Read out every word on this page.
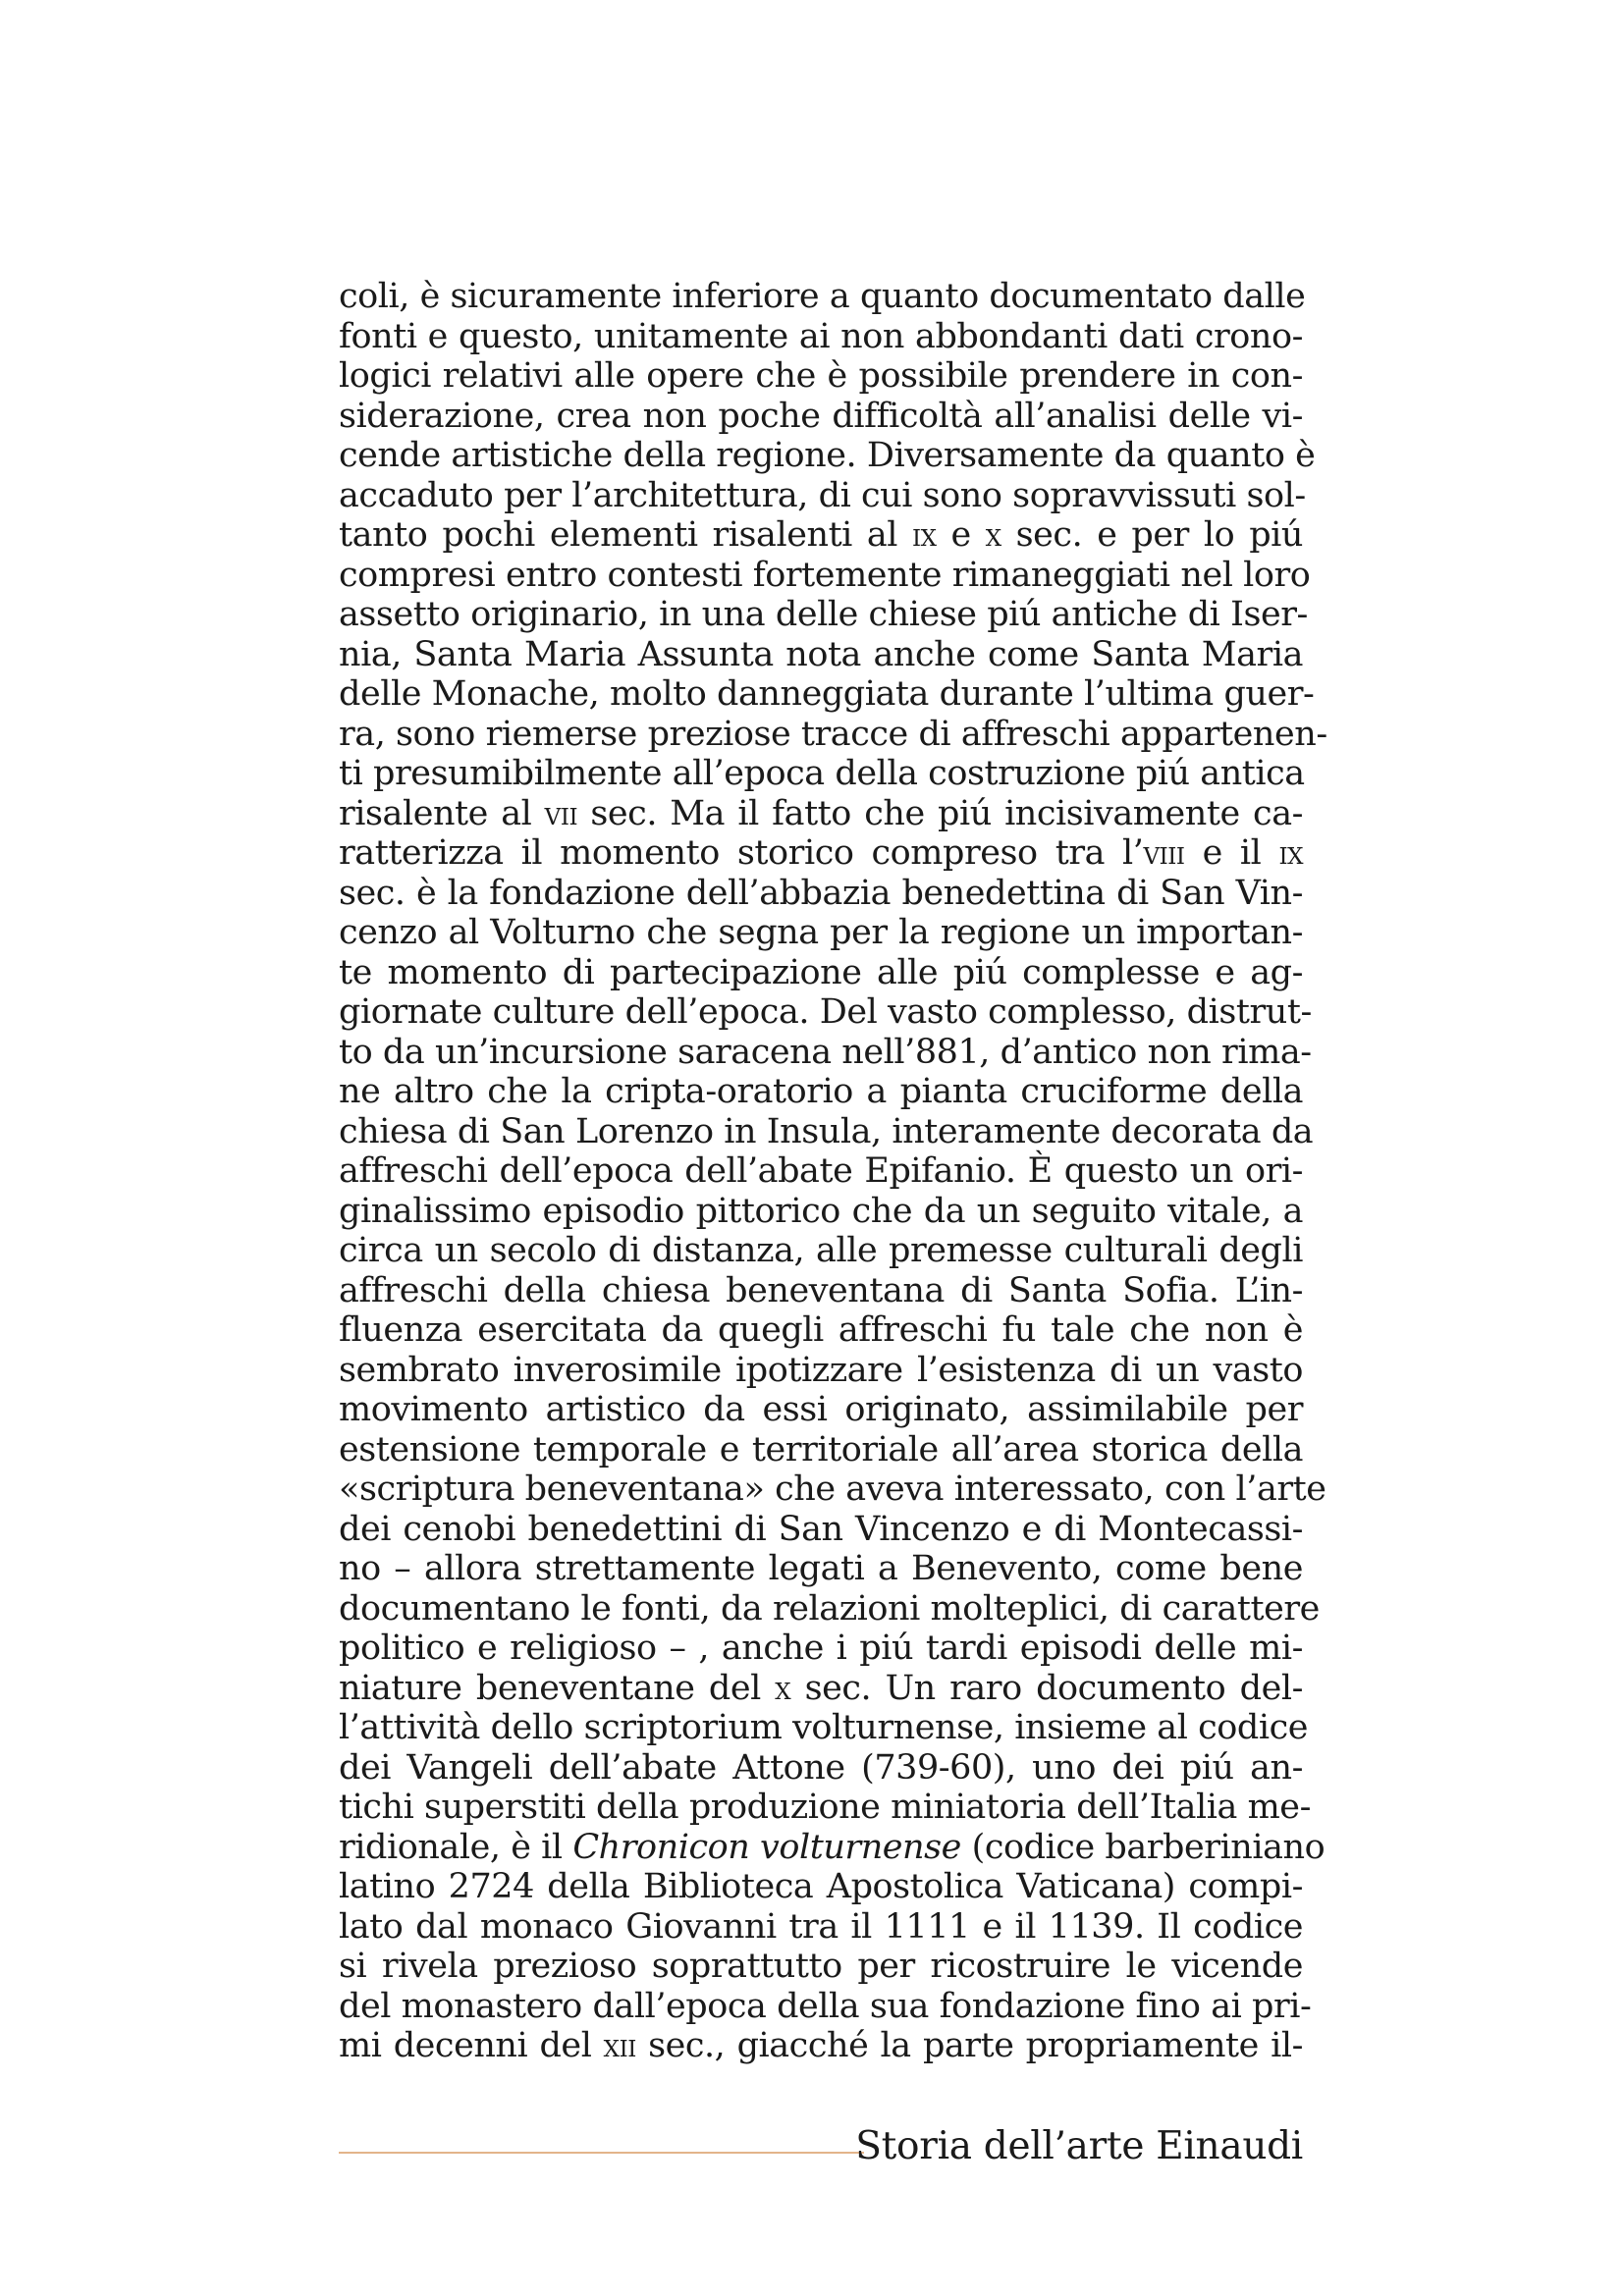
coli, è sicuramente inferiore a quanto documentato dalle
fonti e questo, unitamente ai non abbondanti dati crono-
logici relativi alle opere che è possibile prendere in con-
siderazione, crea non poche difficoltà all’analisi delle vi-
cende artistiche della regione. Diversamente da quanto è
accaduto per l’architettura, di cui sono sopravvissuti sol-
tanto pochi elementi risalenti al ix e x sec. e per lo piú
compresi entro contesti fortemente rimaneggiati nel loro
assetto originario, in una delle chiese piú antiche di Iser-
nia, Santa Maria Assunta nota anche come Santa Maria
delle Monache, molto danneggiata durante l’ultima guer-
ra, sono riemerse preziose tracce di affreschi appartenen-
ti presumibilmente all’epoca della costruzione piú antica
risalente al vii sec. Ma il fatto che piú incisivamente ca-
ratterizza il momento storico compreso tra l’viii e il ix
sec. è la fondazione dell’abbazia benedettina di San Vin-
cenzo al Volturno che segna per la regione un importan-
te momento di partecipazione alle piú complesse e ag-
giornate culture dell’epoca. Del vasto complesso, distrut-
to da un’incursione saracena nell’881, d’antico non rima-
ne altro che la cripta-oratorio a pianta cruciforme della
chiesa di San Lorenzo in Insula, interamente decorata da
affreschi dell’epoca dell’abate Epifanio. È questo un ori-
ginalissimo episodio pittorico che da un seguito vitale, a
circa un secolo di distanza, alle premesse culturali degli
affreschi della chiesa beneventana di Santa Sofia. L’in-
fluenza esercitata da quegli affreschi fu tale che non è
sembrato inverosimile ipotizzare l’esistenza di un vasto
movimento artistico da essi originato, assimilabile per
estensione temporale e territoriale all’area storica della
«scriptura beneventana» che aveva interessato, con l’arte
dei cenobi benedettini di San Vincenzo e di Montecassi-
no – allora strettamente legati a Benevento, come bene
documentano le fonti, da relazioni molteplici, di carattere
politico e religioso – , anche i piú tardi episodi delle mi-
niature beneventane del x sec. Un raro documento del-
l’attività dello scriptorium volturnense, insieme al codice
dei Vangeli dell’abate Attone (739-60), uno dei piú an-
tichi superstiti della produzione miniatoria dell’Italia me-
ridionale, è il Chronicon volturnense (codice barberiniano
latino 2724 della Biblioteca Apostolica Vaticana) compi-
lato dal monaco Giovanni tra il 1111 e il 1139. Il codice
si rivela prezioso soprattutto per ricostruire le vicende
del monastero dall’epoca della sua fondazione fino ai pri-
mi decenni del xii sec., giacché la parte propriamente il-
Storia dell’arte Einaudi
